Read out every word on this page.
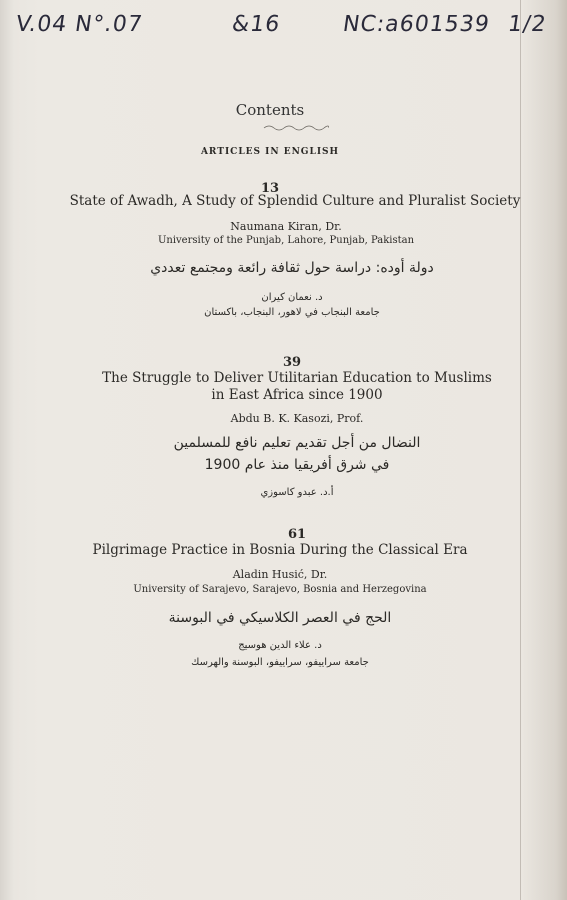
V.04 N°.07	&16	NC:a601539 1/2
Contents
ARTICLES IN ENGLISH
13
State of Awadh, A Study of Splendid Culture and Pluralist Society
Naumana Kiran, Dr.
University of the Punjab, Lahore, Punjab, Pakistan
دولة أوده: دراسة حول ثقافة رائعة ومجتمع تعددي
د. نعمان كيران
جامعة البنجاب في لاهور، البنجاب، باكستان
39
The Struggle to Deliver Utilitarian Education to Muslims
in East Africa since 1900
Abdu B. K. Kasozi, Prof.
النضال من أجل تقديم تعليم نافع للمسلمين
في شرق أفريقيا منذ عام 1900
أ.د. عبدو كاسوزي
61
Pilgrimage Practice in Bosnia During the Classical Era
Aladin Husić, Dr.
University of Sarajevo, Sarajevo, Bosnia and Herzegovina
الحج في العصر الكلاسيكي في البوسنة
د. علاء الدين هوسيج
جامعة سراييفو، سراييفو، البوسنة والهرسك
